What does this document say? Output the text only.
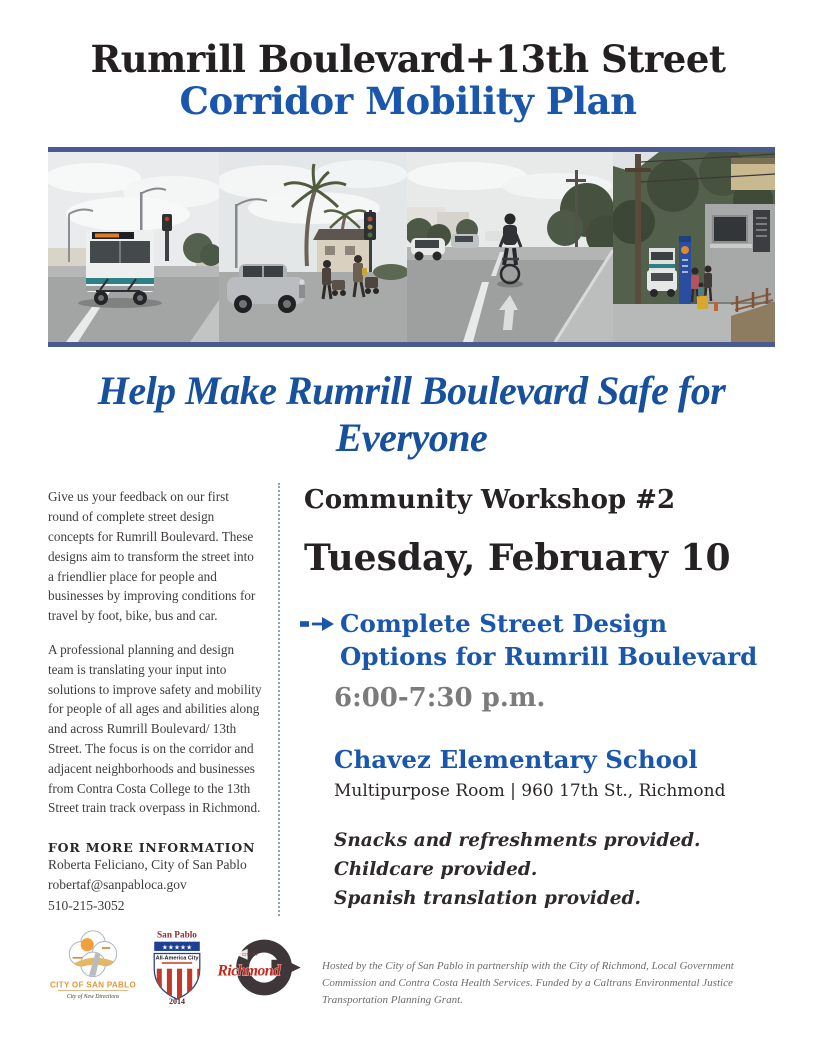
Rumrill Boulevard+13th Street
Corridor Mobility Plan
Help Make Rumrill Boulevard Safe for Everyone

Give us your feedback on our first round of complete street design concepts for Rumrill Boulevard. These designs aim to transform the street into a friendlier place for people and businesses by improving conditions for travel by foot, bike, bus and car.

A professional planning and design team is translating your input into solutions to improve safety and mobility for people of all ages and abilities along and across Rumrill Boulevard/ 13th Street. The focus is on the corridor and adjacent neighborhoods and businesses from Contra Costa College to the 13th Street train track overpass in Richmond.

FOR MORE INFORMATION
Roberta Feliciano, City of San Pablo
robertaf@sanpabloca.gov
510-215-3052
Community Workshop #2
Tuesday, February 10
Complete Street Design
Options for Rumrill Boulevard
6:00-7:30 p.m.
Chavez Elementary School
Multipurpose Room | 960 17th St., Richmond
Snacks and refreshments provided.
Childcare provided.
Spanish translation provided.
CITY OF SAN PABLO
City of New Directions
San Pablo
★★★★★
All-America City
2014
CITY OF
Richmond	Hosted by the City of San Pablo in partnership with the City of Richmond, Local Government Commission and Contra Costa Health Services. Funded by a Caltrans Environmental Justice Transportation Planning Grant.
